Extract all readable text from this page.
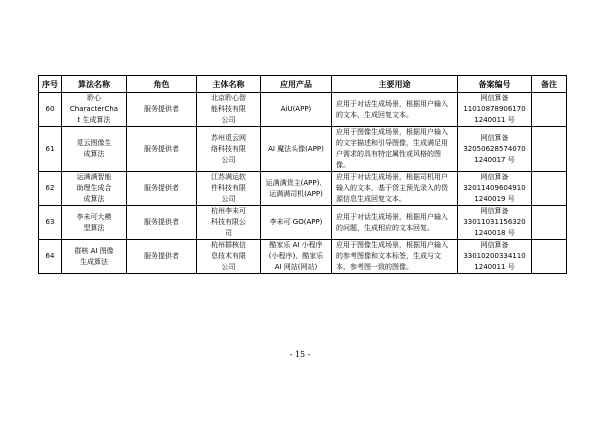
序号	算法名称	角色	主体名称	应用产品	主要用途	备案编号	备注

60	聆心
CharacterCha
t 生成算法	服务提供者	北京聆心智
能科技有限
公司	AiU(APP)	应用于对话生成场景，根据用户输入
的文本，生成回复文本。	网信算备
11010878906170
1240011 号	

61	觅云图像生
成算法	服务提供者	苏州觅云网
络科技有限
公司	AI 魔法头像(APP)	应用于图像生成场景，根据用户输入
的文字描述和引导图像，生成满足用
户需求的具有特定属性或风格的图
像。	网信算备
32050628574070
1240017 号	

62	运满满智能
助理生成合
成算法	服务提供者	江苏满运软
件科技有限
公司	运满满货主(APP)、
运满满司机(APP)	应用于对话生成场景，根据司机用户
输入的文本，基于货主预先录入的货
源信息生成回复文本。	网信算备
32011409604910
1240019 号	

63	李未可大模
型算法	服务提供者	杭州李未可
科技有限公
司	李未可 GO(APP)	应用于对话生成场景，根据用户输入
的问题，生成相应的文本回复。	网信算备
33011031156320
1240018 号	

64	群核 AI 图像
生成算法	服务提供者	杭州群核信
息技术有限
公司	酷家乐 AI 小程序
(小程序)、酷家乐
AI 网站(网站)	应用于图像生成场景，根据用户输入
的参考图像和文本标签，生成与文
本、参考图一致的图像。	网信算备
33010200334110
1240011 号	

- 15 -
